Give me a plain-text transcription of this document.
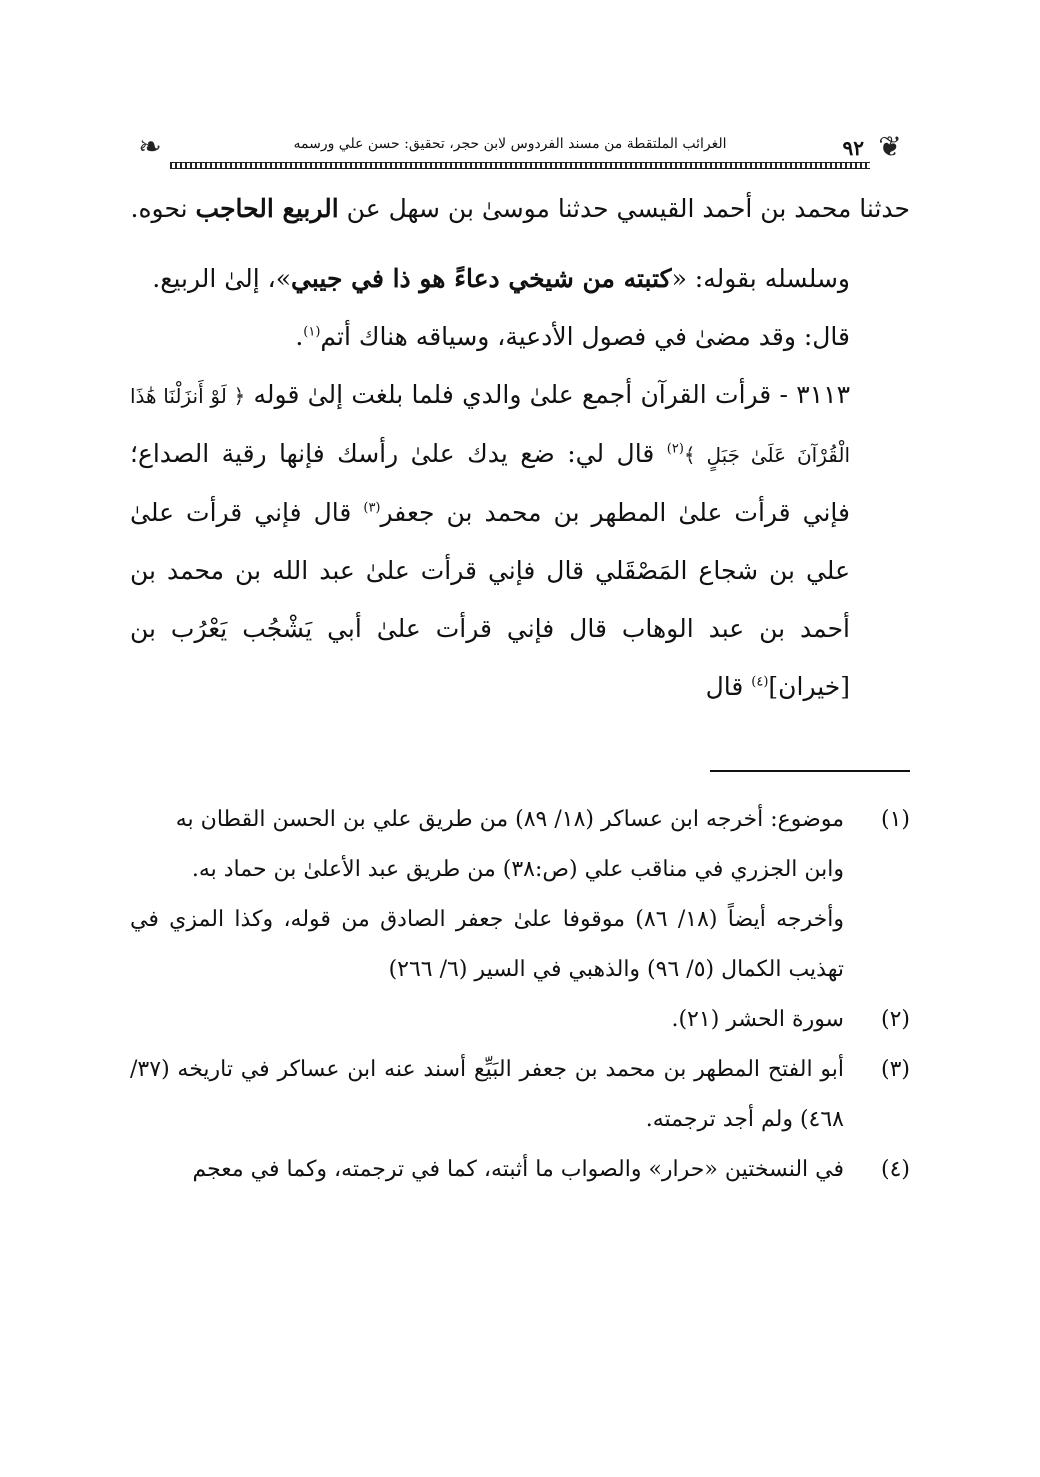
❦
٩٢
الغرائب الملتقطة من مسند الفردوس لابن حجر، تحقيق: حسن علي ورسمه
❧

حدثنا محمد بن أحمد القيسي حدثنا موسىٰ بن سهل عن الربيع الحاجب نحوه.

وسلسله بقوله: «كتبته من شيخي دعاءً هو ذا في جيبي»، إلىٰ الربيع.

قال: وقد مضىٰ في فصول الأدعية، وسياقه هناك أتم$^{(١)}$.

٣١١٣ - قرأت القرآن أجمع علىٰ والدي فلما بلغت إلىٰ قوله ﴿ لَوْ أَنزَلْنَا هَٰذَا الْقُرْآنَ عَلَىٰ جَبَلٍ ﴾$^{(٢)}$ قال لي: ضع يدك علىٰ رأسك فإنها رقية الصداع؛ فإني قرأت علىٰ المطهر بن محمد بن جعفر$^{(٣)}$ قال فإني قرأت علىٰ علي بن شجاع المَصْقَلي قال فإني قرأت علىٰ عبد الله بن محمد بن أحمد بن عبد الوهاب قال فإني قرأت علىٰ أبي يَشْجُب يَعْرُب بن [خيران]$^{(٤)}$ قال

(١)
موضوع: أخرجه ابن عساكر (١٨/ ٨٩) من طريق علي بن الحسن القطان به
وابن الجزري في مناقب علي (ص:٣٨) من طريق عبد الأعلىٰ بن حماد به.
وأخرجه أيضاً (١٨/ ٨٦) موقوفا علىٰ جعفر الصادق من قوله، وكذا المزي في تهذيب الكمال (٥/ ٩٦) والذهبي في السير (٦/ ٢٦٦)
(٢)
سورة الحشر (٢١).
(٣)
أبو الفتح المطهر بن محمد بن جعفر البَيِّع أسند عنه ابن عساكر في تاريخه (٣٧/ ٤٦٨) ولم أجد ترجمته.
(٤)
في النسختين «حرار» والصواب ما أثبته، كما في ترجمته، وكما في معجم
